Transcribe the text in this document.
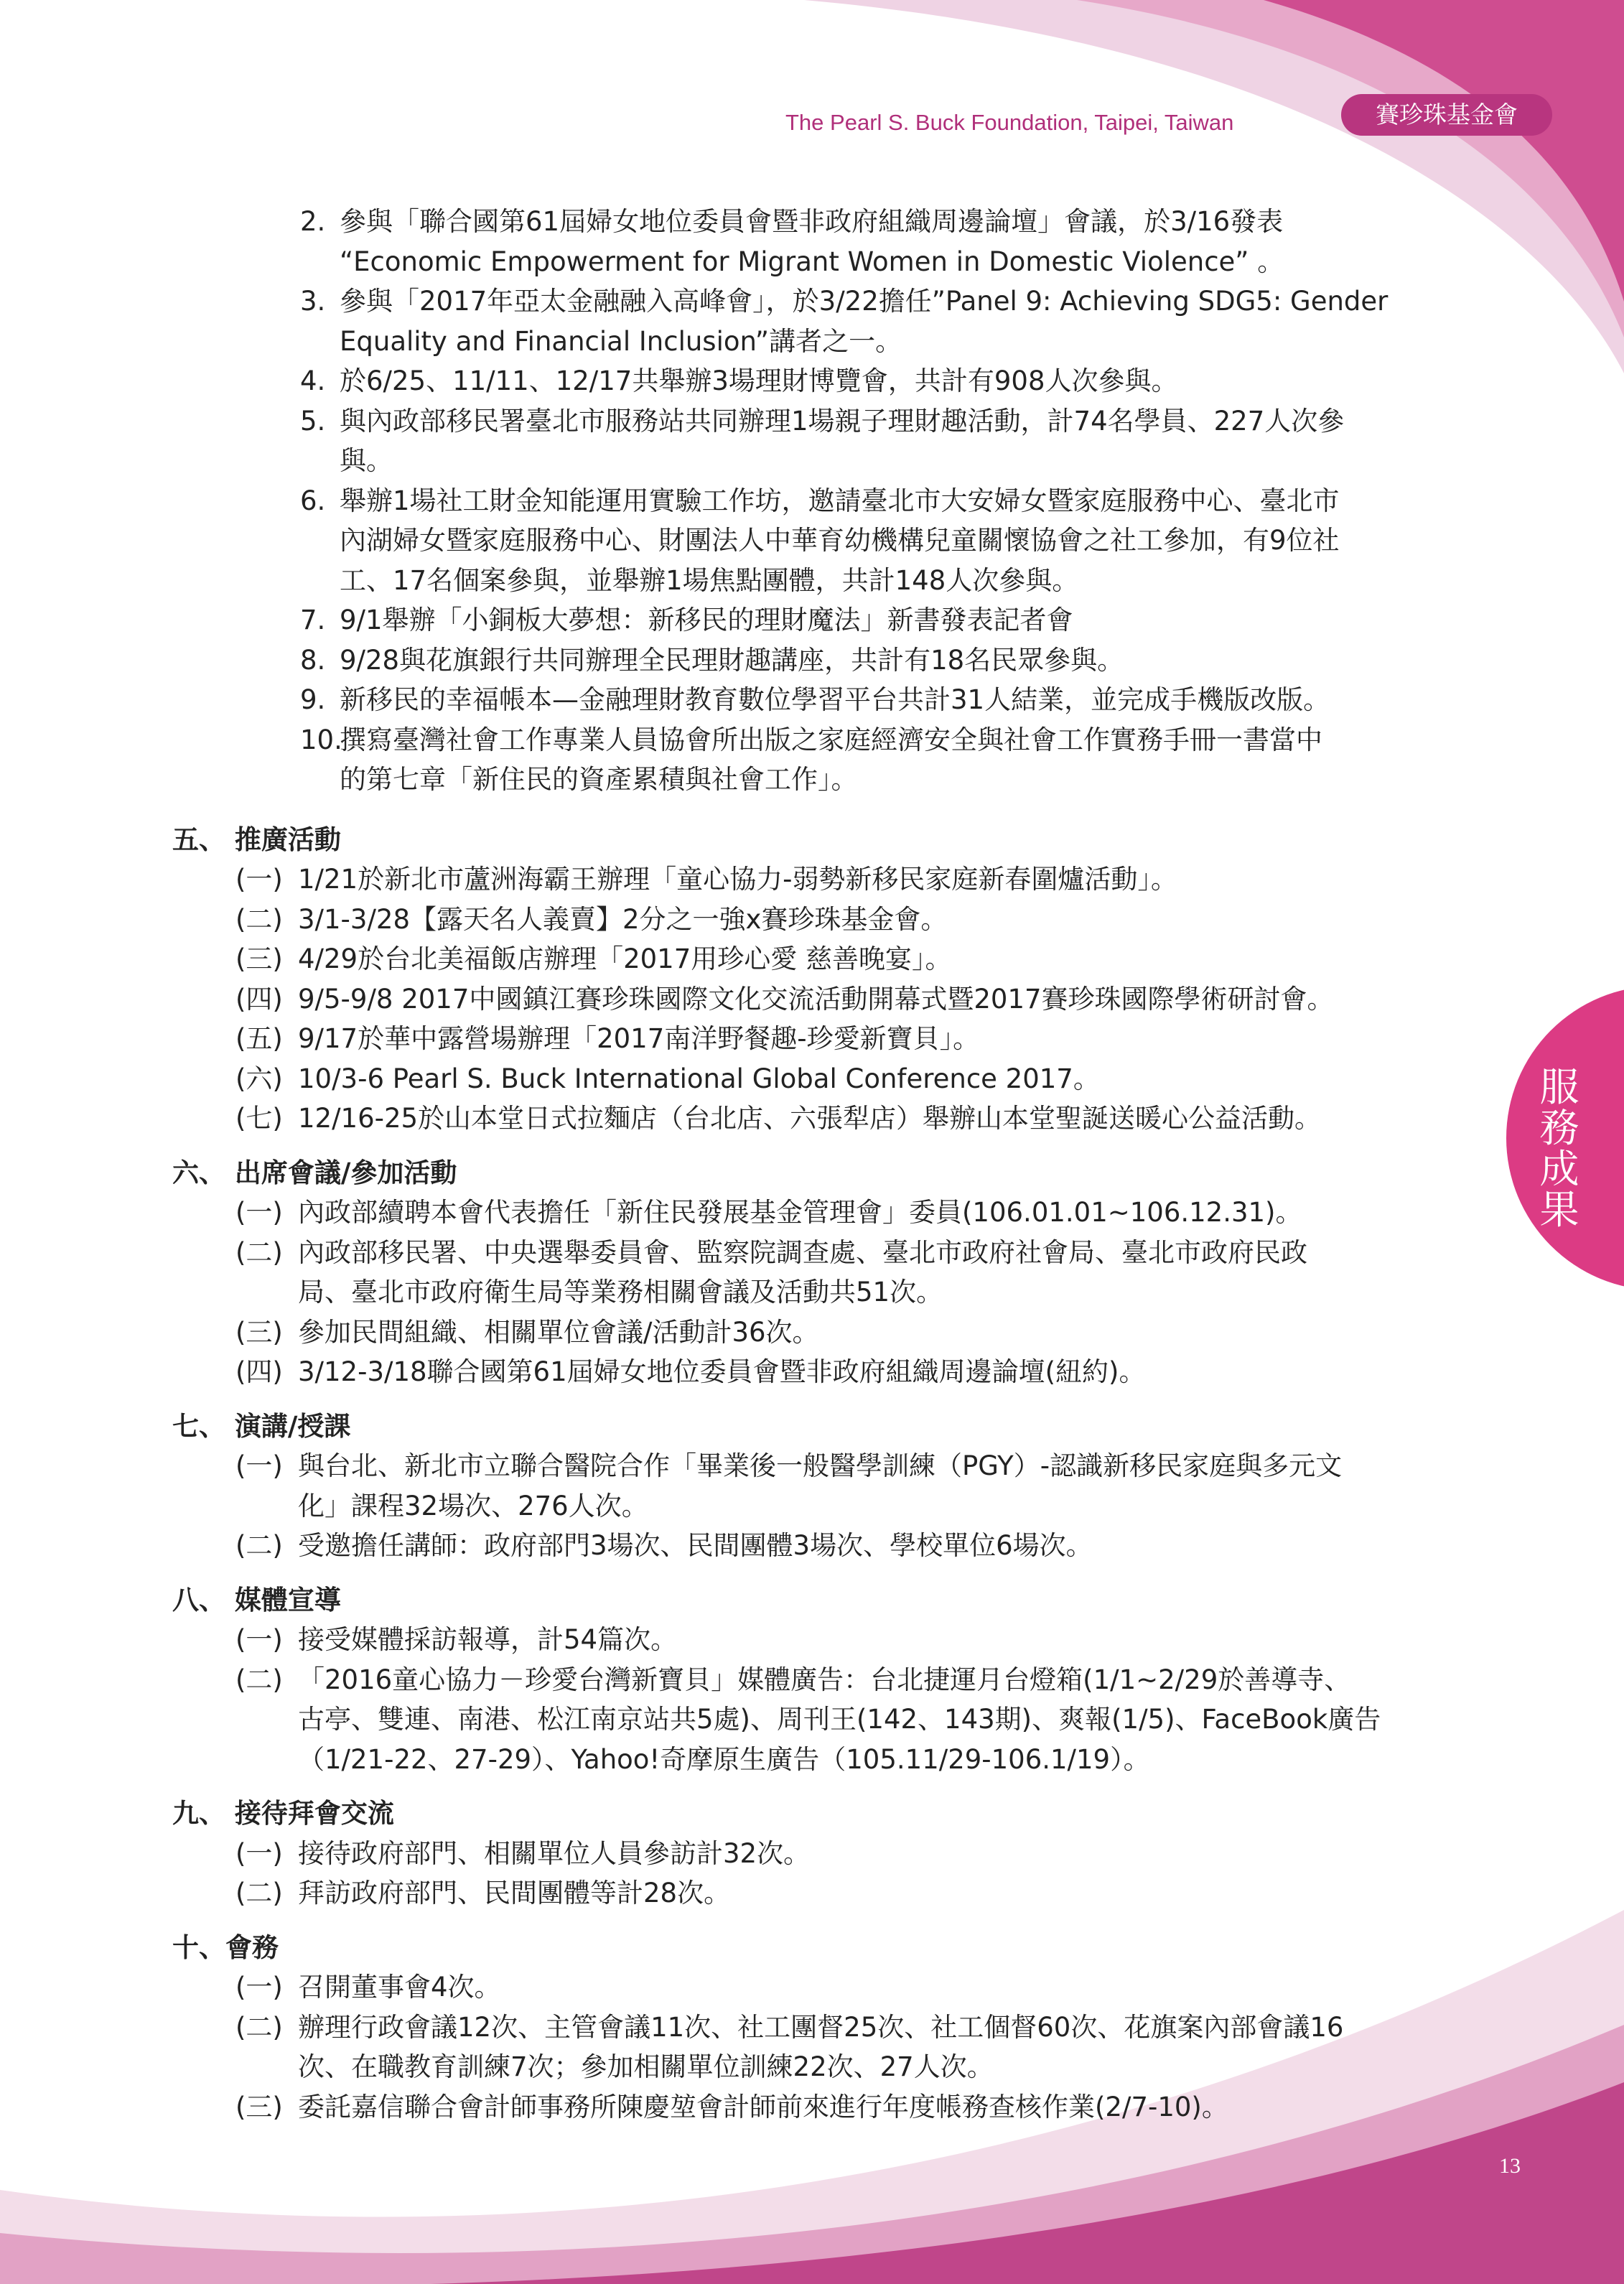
The Pearl S. Buck Foundation, Taipei, Taiwan	賽珍珠基金會
服
務
成
果
13
2. 參與「聯合國第61屆婦女地位委員會暨非政府組織周邊論壇」會議，於3/16發表
“Economic Empowerment for Migrant Women in Domestic Violence” 。
3. 參與「2017年亞太金融融入高峰會」，於3/22擔任”Panel 9: Achieving SDG5: Gender
Equality and Financial Inclusion”講者之一。
4. 於6/25、11/11、12/17共舉辦3場理財博覽會，共計有908人次參與。
5. 與內政部移民署臺北市服務站共同辦理1場親子理財趣活動，計74名學員、227人次參
與。
6. 舉辦1場社工財金知能運用實驗工作坊，邀請臺北市大安婦女暨家庭服務中心、臺北市
內湖婦女暨家庭服務中心、財團法人中華育幼機構兒童關懷協會之社工參加，有9位社
工、17名個案參與，並舉辦1場焦點團體，共計148人次參與。
7. 9/1舉辦「小銅板大夢想：新移民的理財魔法」新書發表記者會
8. 9/28與花旗銀行共同辦理全民理財趣講座，共計有18名民眾參與。
9. 新移民的幸福帳本—金融理財教育數位學習平台共計31人結業，並完成手機版改版。
10.
撰寫臺灣社會工作專業人員協會所出版之家庭經濟安全與社會工作實務手冊一書當中
的第七章「新住民的資產累積與社會工作」。
五、 推廣活動
(一) 1/21於新北市蘆洲海霸王辦理「童心協力-弱勢新移民家庭新春圍爐活動」。
(二) 3/1-3/28【露天名人義賣】2分之一強x賽珍珠基金會。
(三) 4/29於台北美福飯店辦理「2017用珍心愛 慈善晚宴」。
(四) 9/5-9/8 2017中國鎮江賽珍珠國際文化交流活動開幕式暨2017賽珍珠國際學術研討會。
(五) 9/17於華中露營場辦理「2017南洋野餐趣-珍愛新寶貝」。
(六) 10/3-6 Pearl S. Buck International Global Conference 2017。
(七) 12/16-25於山本堂日式拉麵店（台北店、六張犁店）舉辦山本堂聖誕送暖心公益活動。
六、 出席會議/參加活動
(一) 內政部續聘本會代表擔任「新住民發展基金管理會」委員(106.01.01~106.12.31)。
(二) 內政部移民署、中央選舉委員會、監察院調查處、臺北市政府社會局、臺北市政府民政
局、臺北市政府衛生局等業務相關會議及活動共51次。
(三) 參加民間組織、相關單位會議/活動計36次。
(四) 3/12-3/18聯合國第61屆婦女地位委員會暨非政府組織周邊論壇(紐約)。
七、 演講/授課
(一) 與台北、新北市立聯合醫院合作「畢業後一般醫學訓練（PGY）-認識新移民家庭與多元文
化」課程32場次、276人次。
(二) 受邀擔任講師：政府部門3場次、民間團體3場次、學校單位6場次。
八、 媒體宣導
(一) 接受媒體採訪報導，計54篇次。
(二) 「2016童心協力－珍愛台灣新寶貝」媒體廣告：台北捷運月台燈箱(1/1~2/29於善導寺、
古亭、雙連、南港、松江南京站共5處)、周刊王(142、143期)、爽報(1/5)、FaceBook廣告
（1/21-22、27-29）、Yahoo!奇摩原生廣告（105.11/29-106.1/19）。
九、 接待拜會交流
(一) 接待政府部門、相關單位人員參訪計32次。
(二) 拜訪政府部門、民間團體等計28次。
十、會務
(一) 召開董事會4次。
(二) 辦理行政會議12次、主管會議11次、社工團督25次、社工個督60次、花旗案內部會議16
次、在職教育訓練7次；參加相關單位訓練22次、27人次。
(三) 委託嘉信聯合會計師事務所陳慶堃會計師前來進行年度帳務查核作業(2/7-10)。
